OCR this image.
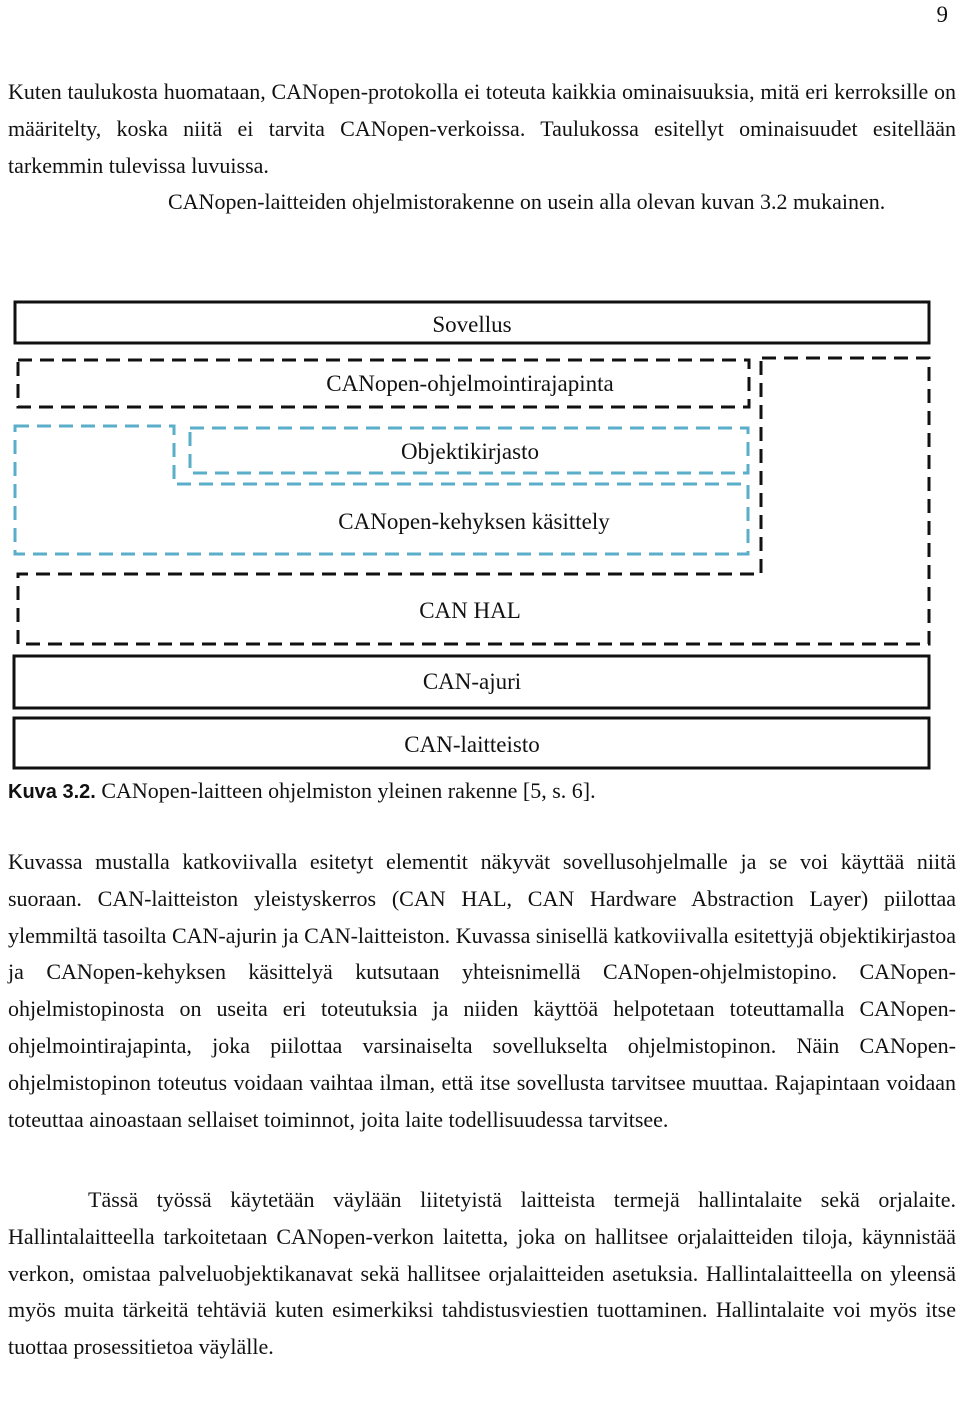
9
Kuten taulukosta huomataan, CANopen-protokolla ei toteuta kaikkia ominaisuuksia, mitä eri kerroksille on määritelty, koska niitä ei tarvita CANopen-verkoissa. Taulukossa esitellyt ominaisuudet esitellään tarkemmin tulevissa luvuissa.
CANopen-laitteiden ohjelmistorakenne on usein alla olevan kuvan 3.2 mukainen.
Sovellus
CANopen-ohjelmointirajapinta
Objektikirjasto
CANopen-kehyksen käsittely
CAN HAL
CAN-ajuri
CAN-laitteisto

Kuva 3.2. CANopen-laitteen ohjelmiston yleinen rakenne [5, s. 6].

Kuvassa mustalla katkoviivalla esitetyt elementit näkyvät sovellusohjelmalle ja se voi käyttää niitä suoraan. CAN-laitteiston yleistyskerros (CAN HAL, CAN Hardware Abstraction Layer) piilottaa ylemmiltä tasoilta CAN-ajurin ja CAN-laitteiston. Kuvassa sinisellä katkoviivalla esitettyjä objektikirjastoa ja CANopen-kehyksen käsittelyä kutsutaan yhteisnimellä CANopen-ohjelmistopino. CANopen-ohjelmistopinosta on useita eri toteutuksia ja niiden käyttöä helpotetaan toteuttamalla CANopen-ohjelmointirajapinta, joka piilottaa varsinaiselta sovellukselta ohjelmistopinon. Näin CANopen-ohjelmistopinon toteutus voidaan vaihtaa ilman, että itse sovellusta tarvitsee muuttaa. Rajapintaan voidaan toteuttaa ainoastaan sellaiset toiminnot, joita laite todellisuudessa tarvitsee.

Tässä työssä käytetään väylään liitetyistä laitteista termejä hallintalaite sekä orjalaite. Hallintalaitteella tarkoitetaan CANopen-verkon laitetta, joka on hallitsee orjalaitteiden tiloja, käynnistää verkon, omistaa palveluobjektikanavat sekä hallitsee orjalaitteiden asetuksia. Hallintalaitteella on yleensä myös muita tärkeitä tehtäviä kuten esimerkiksi tahdistusviestien tuottaminen. Hallintalaite voi myös itse tuottaa prosessitietoa väylälle.
